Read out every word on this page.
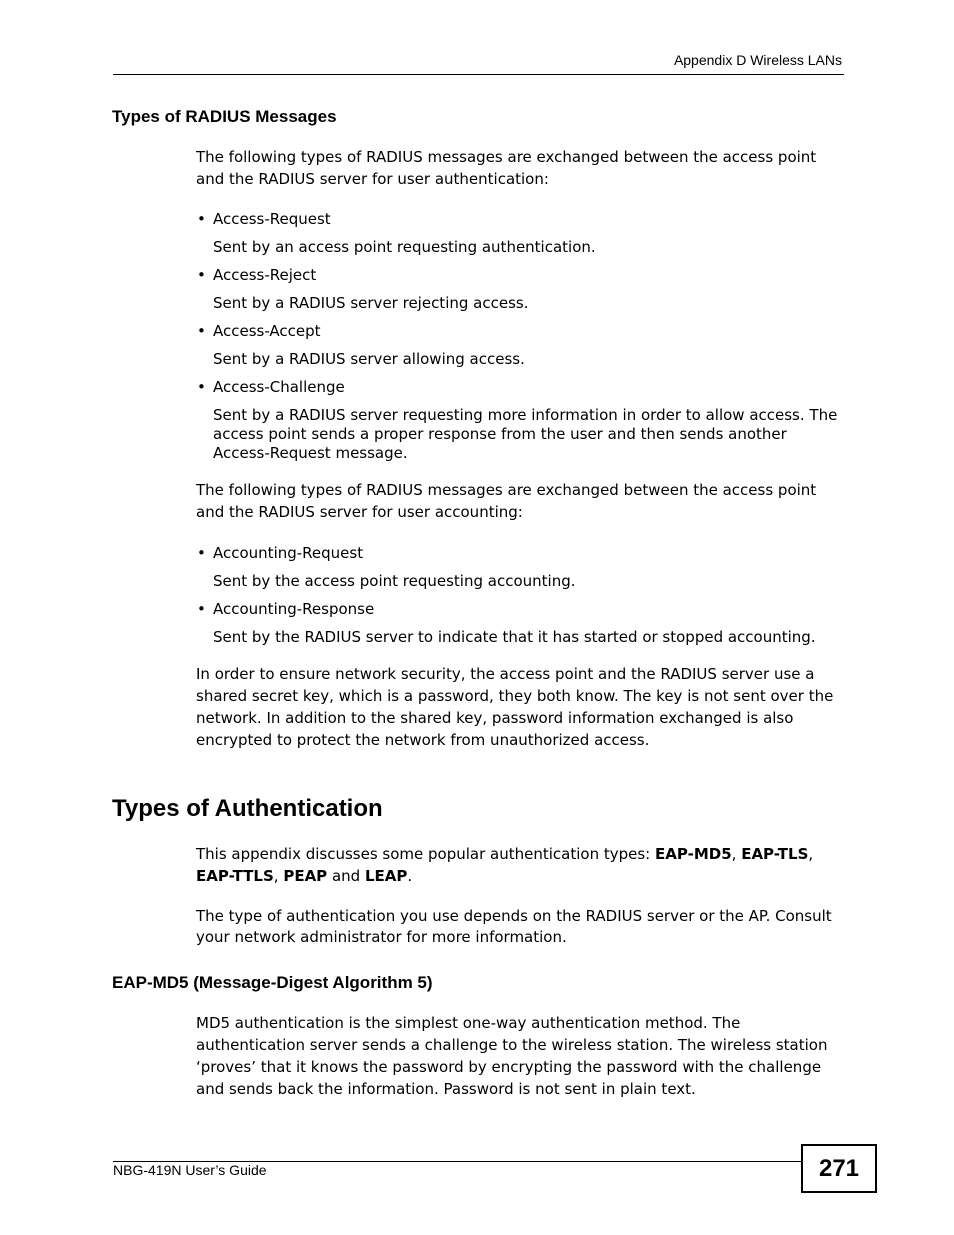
Appendix D Wireless LANs
Types of RADIUS Messages
The following types of RADIUS messages are exchanged between the access point and the RADIUS server for user authentication:
• Access-Request
Sent by an access point requesting authentication.
• Access-Reject
Sent by a RADIUS server rejecting access.
• Access-Accept
Sent by a RADIUS server allowing access.
• Access-Challenge
Sent by a RADIUS server requesting more information in order to allow access. The access point sends a proper response from the user and then sends another Access-Request message.
The following types of RADIUS messages are exchanged between the access point and the RADIUS server for user accounting:
• Accounting-Request
Sent by the access point requesting accounting.
• Accounting-Response
Sent by the RADIUS server to indicate that it has started or stopped accounting.
In order to ensure network security, the access point and the RADIUS server use a shared secret key, which is a password, they both know. The key is not sent over the network. In addition to the shared key, password information exchanged is also encrypted to protect the network from unauthorized access.
Types of Authentication
This appendix discusses some popular authentication types: EAP-MD5, EAP-TLS, EAP-TTLS, PEAP and LEAP.
The type of authentication you use depends on the RADIUS server or the AP. Consult your network administrator for more information.
EAP-MD5 (Message-Digest Algorithm 5)
MD5 authentication is the simplest one-way authentication method. The authentication server sends a challenge to the wireless station. The wireless station ‘proves’ that it knows the password by encrypting the password with the challenge and sends back the information. Password is not sent in plain text.
NBG-419N User’s Guide	271
